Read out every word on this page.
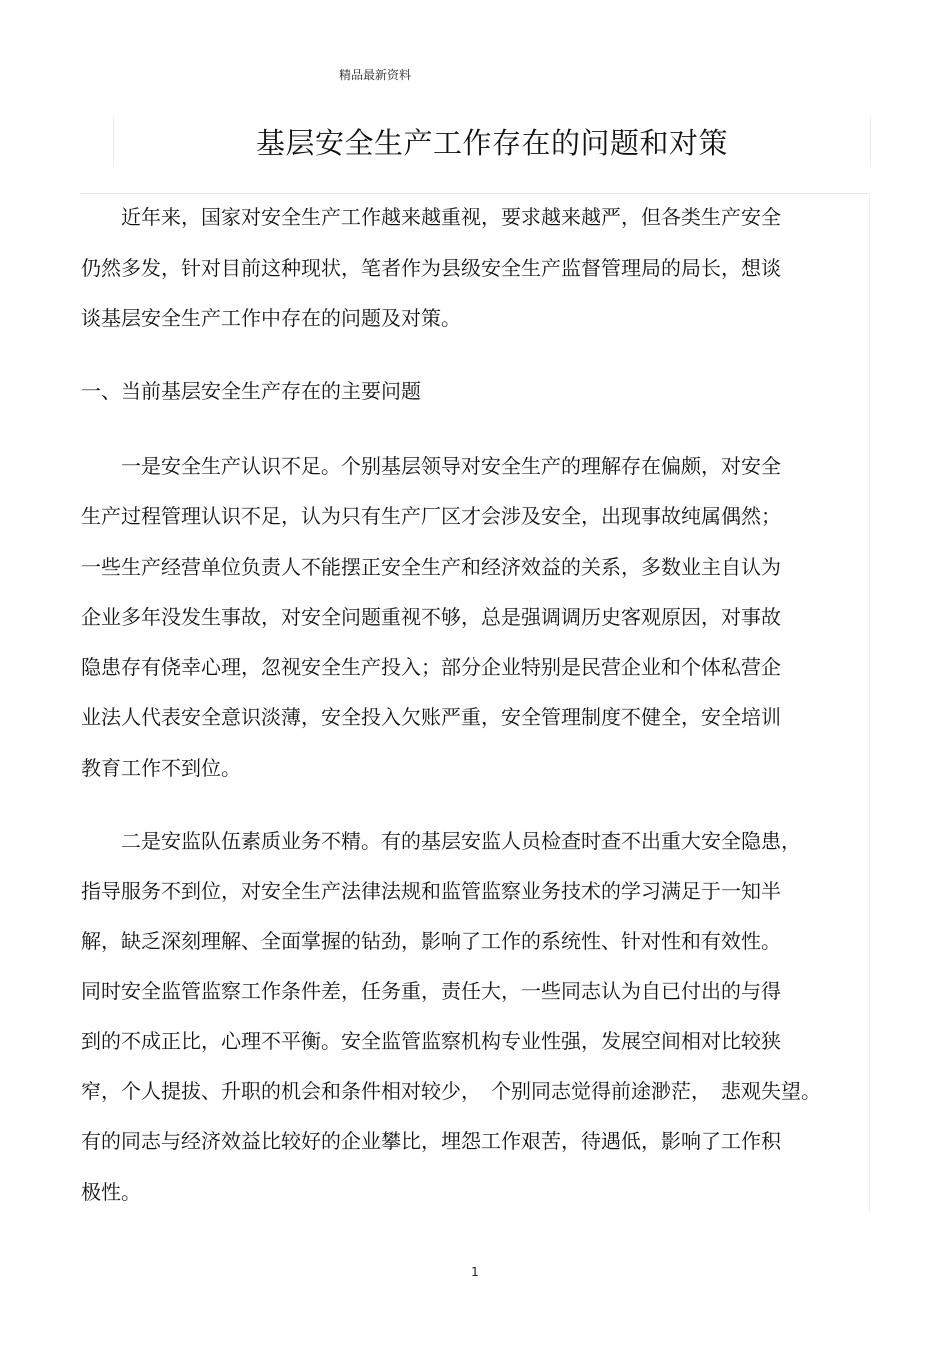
精品最新资料
基层安全生产工作存在的问题和对策
　　近年来，国家对安全生产工作越来越重视，要求越来越严，但各类生产安全
仍然多发，针对目前这种现状，笔者作为县级安全生产监督管理局的局长，想谈
谈基层安全生产工作中存在的问题及对策。
一、当前基层安全生产存在的主要问题
　　一是安全生产认识不足。个别基层领导对安全生产的理解存在偏颇，对安全
生产过程管理认识不足，认为只有生产厂区才会涉及安全，出现事故纯属偶然；
一些生产经营单位负责人不能摆正安全生产和经济效益的关系，多数业主自认为
企业多年没发生事故，对安全问题重视不够，总是强调调历史客观原因，对事故
隐患存有侥幸心理，忽视安全生产投入；部分企业特别是民营企业和个体私营企
业法人代表安全意识淡薄，安全投入欠账严重，安全管理制度不健全，安全培训
教育工作不到位。
　　二是安监队伍素质业务不精。有的基层安监人员检查时查不出重大安全隐患，
指导服务不到位，对安全生产法律法规和监管监察业务技术的学习满足于一知半
解，缺乏深刻理解、全面掌握的钻劲，影响了工作的系统性、针对性和有效性。
同时安全监管监察工作条件差，任务重，责任大，一些同志认为自已付出的与得
到的不成正比，心理不平衡。安全监管监察机构专业性强，发展空间相对比较狭
窄，个人提拔、升职的机会和条件相对较少，　个别同志觉得前途渺茫，　悲观失望。
有的同志与经济效益比较好的企业攀比，埋怨工作艰苦，待遇低，影响了工作积
极性。
1
